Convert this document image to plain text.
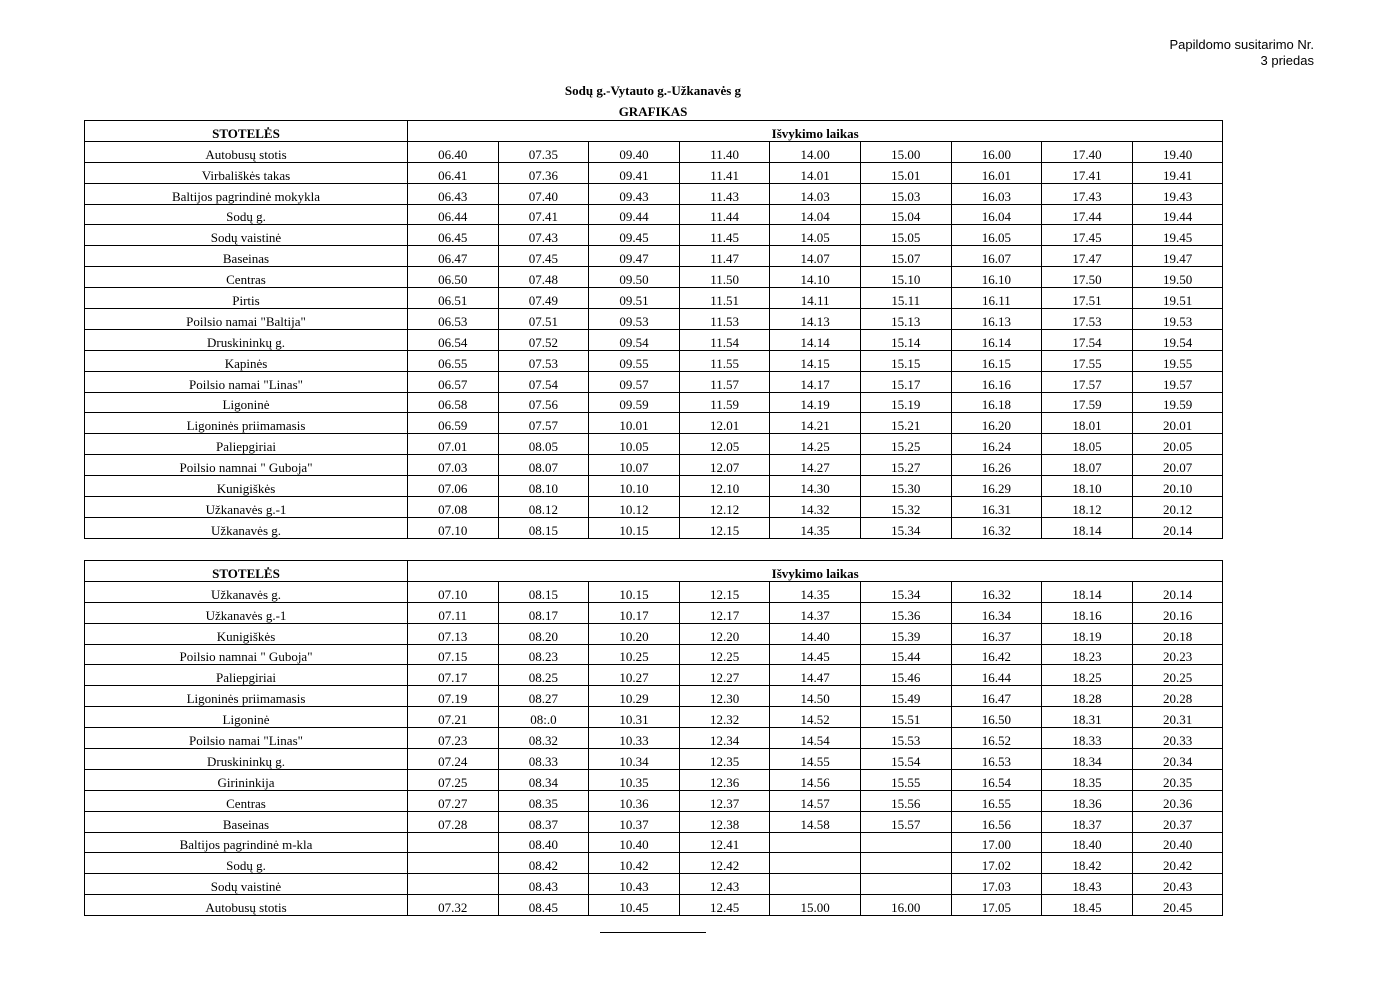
Papildomo susitarimo Nr.
3 priedas
Sodų g.-Vytauto g.-Užkanavės g
GRAFIKAS
STOTELĖS	Išvykimo laikas								
Autobusų stotis	06.40	07.35	09.40	11.40	14.00	15.00	16.00	17.40	19.40
Virbališkės takas	06.41	07.36	09.41	11.41	14.01	15.01	16.01	17.41	19.41
Baltijos pagrindinė mokykla	06.43	07.40	09.43	11.43	14.03	15.03	16.03	17.43	19.43
Sodų g.	06.44	07.41	09.44	11.44	14.04	15.04	16.04	17.44	19.44
Sodų vaistinė	06.45	07.43	09.45	11.45	14.05	15.05	16.05	17.45	19.45
Baseinas	06.47	07.45	09.47	11.47	14.07	15.07	16.07	17.47	19.47
Centras	06.50	07.48	09.50	11.50	14.10	15.10	16.10	17.50	19.50
Pirtis	06.51	07.49	09.51	11.51	14.11	15.11	16.11	17.51	19.51
Poilsio namai "Baltija"	06.53	07.51	09.53	11.53	14.13	15.13	16.13	17.53	19.53
Druskininkų g.	06.54	07.52	09.54	11.54	14.14	15.14	16.14	17.54	19.54
Kapinės	06.55	07.53	09.55	11.55	14.15	15.15	16.15	17.55	19.55
Poilsio namai "Linas"	06.57	07.54	09.57	11.57	14.17	15.17	16.16	17.57	19.57
Ligoninė	06.58	07.56	09.59	11.59	14.19	15.19	16.18	17.59	19.59
Ligoninės priimamasis	06.59	07.57	10.01	12.01	14.21	15.21	16.20	18.01	20.01
Paliepgiriai	07.01	08.05	10.05	12.05	14.25	15.25	16.24	18.05	20.05
Poilsio namnai " Guboja"	07.03	08.07	10.07	12.07	14.27	15.27	16.26	18.07	20.07
Kunigiškės	07.06	08.10	10.10	12.10	14.30	15.30	16.29	18.10	20.10
Užkanavės g.-1	07.08	08.12	10.12	12.12	14.32	15.32	16.31	18.12	20.12
Užkanavės g.	07.10	08.15	10.15	12.15	14.35	15.34	16.32	18.14	20.14
STOTELĖS	Išvykimo laikas								
Užkanavės g.	07.10	08.15	10.15	12.15	14.35	15.34	16.32	18.14	20.14
Užkanavės g.-1	07.11	08.17	10.17	12.17	14.37	15.36	16.34	18.16	20.16
Kunigiškės	07.13	08.20	10.20	12.20	14.40	15.39	16.37	18.19	20.18
Poilsio namnai " Guboja"	07.15	08.23	10.25	12.25	14.45	15.44	16.42	18.23	20.23
Paliepgiriai	07.17	08.25	10.27	12.27	14.47	15.46	16.44	18.25	20.25
Ligoninės priimamasis	07.19	08.27	10.29	12.30	14.50	15.49	16.47	18.28	20.28
Ligoninė	07.21	08:.0	10.31	12.32	14.52	15.51	16.50	18.31	20.31
Poilsio namai "Linas"	07.23	08.32	10.33	12.34	14.54	15.53	16.52	18.33	20.33
Druskininkų g.	07.24	08.33	10.34	12.35	14.55	15.54	16.53	18.34	20.34
Girininkija	07.25	08.34	10.35	12.36	14.56	15.55	16.54	18.35	20.35
Centras	07.27	08.35	10.36	12.37	14.57	15.56	16.55	18.36	20.36
Baseinas	07.28	08.37	10.37	12.38	14.58	15.57	16.56	18.37	20.37
Baltijos pagrindinė m-kla		08.40	10.40	12.41			17.00	18.40	20.40
Sodų g.		08.42	10.42	12.42			17.02	18.42	20.42
Sodų vaistinė		08.43	10.43	12.43			17.03	18.43	20.43
Autobusų stotis	07.32	08.45	10.45	12.45	15.00	16.00	17.05	18.45	20.45
